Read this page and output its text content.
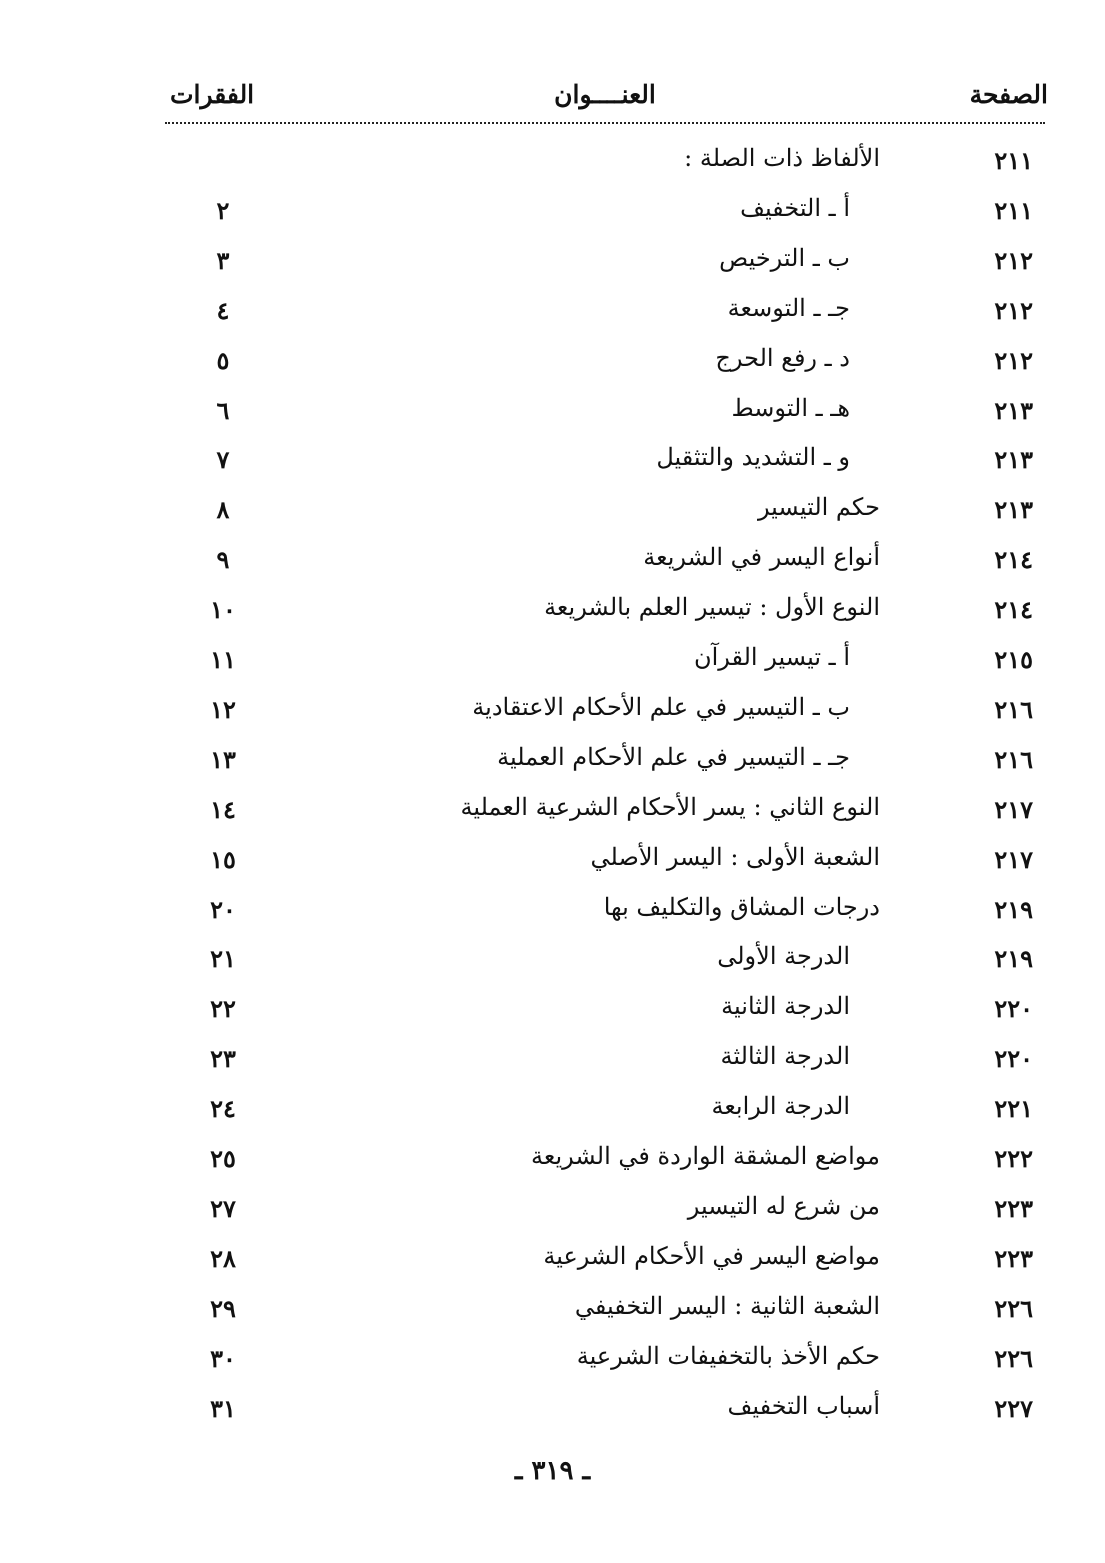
الصفحة
العنــــوان
الفقرات
٢١١
الألفاظ ذات الصلة :
٢١١
أ ـ التخفيف
٢
٢١٢
ب ـ الترخيص
٣
٢١٢
جـ ـ التوسعة
٤
٢١٢
د ـ رفع الحرج
٥
٢١٣
هـ ـ التوسط
٦
٢١٣
و ـ التشديد والتثقيل
٧
٢١٣
حكم التيسير
٨
٢١٤
أنواع اليسر في الشريعة
٩
٢١٤
النوع الأول : تيسير العلم بالشريعة
١٠
٢١٥
أ ـ تيسير القرآن
١١
٢١٦
ب ـ التيسير في علم الأحكام الاعتقادية
١٢
٢١٦
جـ ـ التيسير في علم الأحكام العملية
١٣
٢١٧
النوع الثاني : يسر الأحكام الشرعية العملية
١٤
٢١٧
الشعبة الأولى : اليسر الأصلي
١٥
٢١٩
درجات المشاق والتكليف بها
٢٠
٢١٩
الدرجة الأولى
٢١
٢٢٠
الدرجة الثانية
٢٢
٢٢٠
الدرجة الثالثة
٢٣
٢٢١
الدرجة الرابعة
٢٤
٢٢٢
مواضع المشقة الواردة في الشريعة
٢٥
٢٢٣
من شرع له التيسير
٢٧
٢٢٣
مواضع اليسر في الأحكام الشرعية
٢٨
٢٢٦
الشعبة الثانية : اليسر التخفيفي
٢٩
٢٢٦
حكم الأخذ بالتخفيفات الشرعية
٣٠
٢٢٧
أسباب التخفيف
٣١
ـ ٣١٩ ـ
